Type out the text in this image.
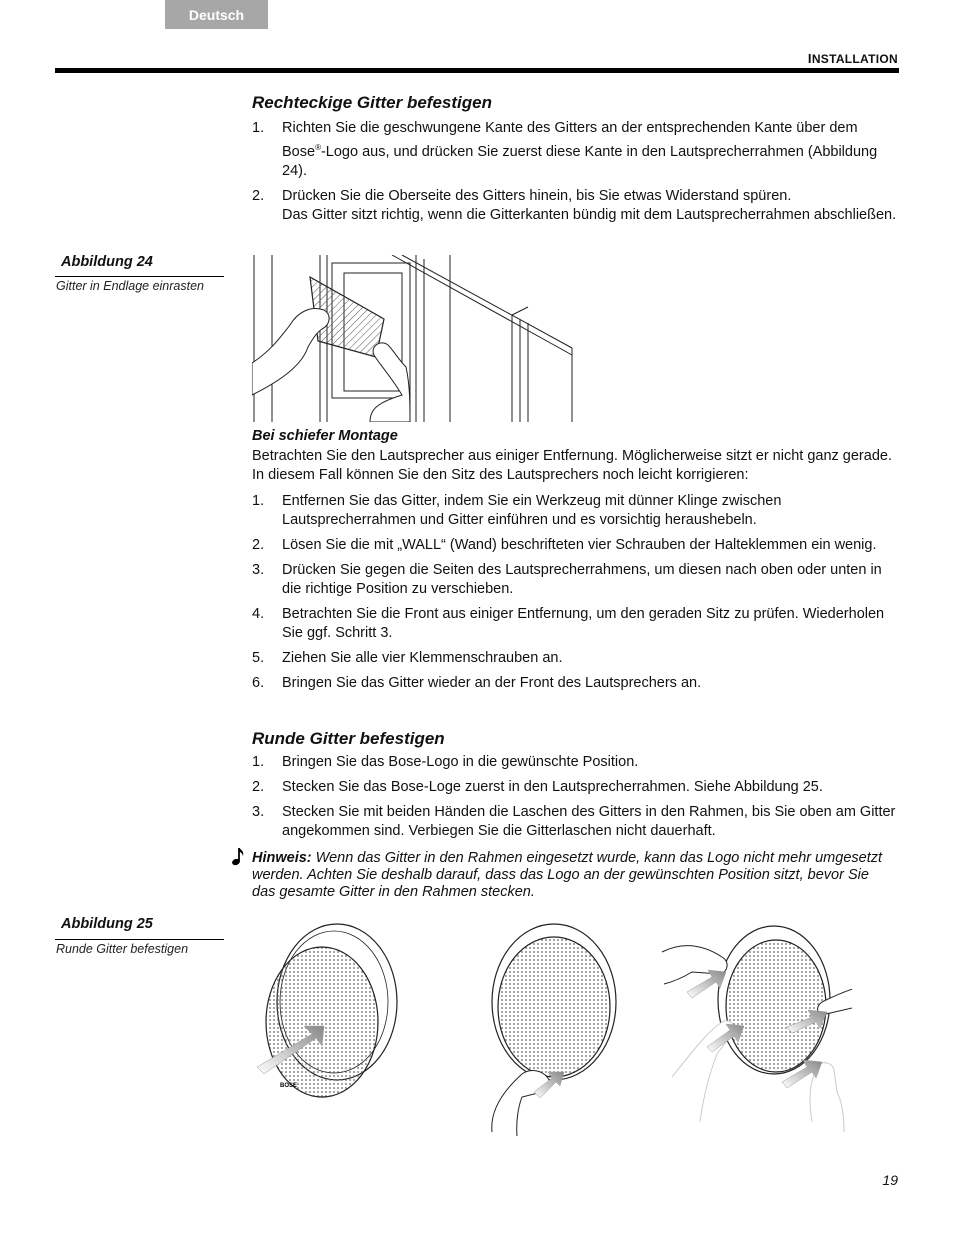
Deutsch
INSTALLATION
Rechteckige Gitter befestigen
1. Richten Sie die geschwungene Kante des Gitters an der entsprechenden Kante über dem Bose®-Logo aus, und drücken Sie zuerst diese Kante in den Lautsprecherrahmen (Abbildung 24).
2. Drücken Sie die Oberseite des Gitters hinein, bis Sie etwas Widerstand spüren.
Das Gitter sitzt richtig, wenn die Gitterkanten bündig mit dem Lautsprecherrahmen abschließen.
Abbildung 24
Gitter in Endlage einrasten
Bei schiefer Montage
Betrachten Sie den Lautsprecher aus einiger Entfernung. Möglicherweise sitzt er nicht ganz gerade. In diesem Fall können Sie den Sitz des Lautsprechers noch leicht korrigieren:
1. Entfernen Sie das Gitter, indem Sie ein Werkzeug mit dünner Klinge zwischen Lautsprecherrahmen und Gitter einführen und es vorsichtig heraushebeln.
2. Lösen Sie die mit „WALL“ (Wand) beschrifteten vier Schrauben der Halteklemmen ein wenig.
3. Drücken Sie gegen die Seiten des Lautsprecherrahmens, um diesen nach oben oder unten in die richtige Position zu verschieben.
4. Betrachten Sie die Front aus einiger Entfernung, um den geraden Sitz zu prüfen. Wiederholen Sie ggf. Schritt 3.
5. Ziehen Sie alle vier Klemmenschrauben an.
6. Bringen Sie das Gitter wieder an der Front des Lautsprechers an.
Runde Gitter befestigen
1. Bringen Sie das Bose-Logo in die gewünschte Position.
2. Stecken Sie das Bose-Loge zuerst in den Lautsprecherrahmen. Siehe Abbildung 25.
3. Stecken Sie mit beiden Händen die Laschen des Gitters in den Rahmen, bis Sie oben am Gitter angekommen sind. Verbiegen Sie die Gitterlaschen nicht dauerhaft.
Hinweis: Wenn das Gitter in den Rahmen eingesetzt wurde, kann das Logo nicht mehr umgesetzt werden. Achten Sie deshalb darauf, dass das Logo an der gewünschten Position sitzt, bevor Sie das gesamte Gitter in den Rahmen stecken.
Abbildung 25
Runde Gitter befestigen
BOSE
19
